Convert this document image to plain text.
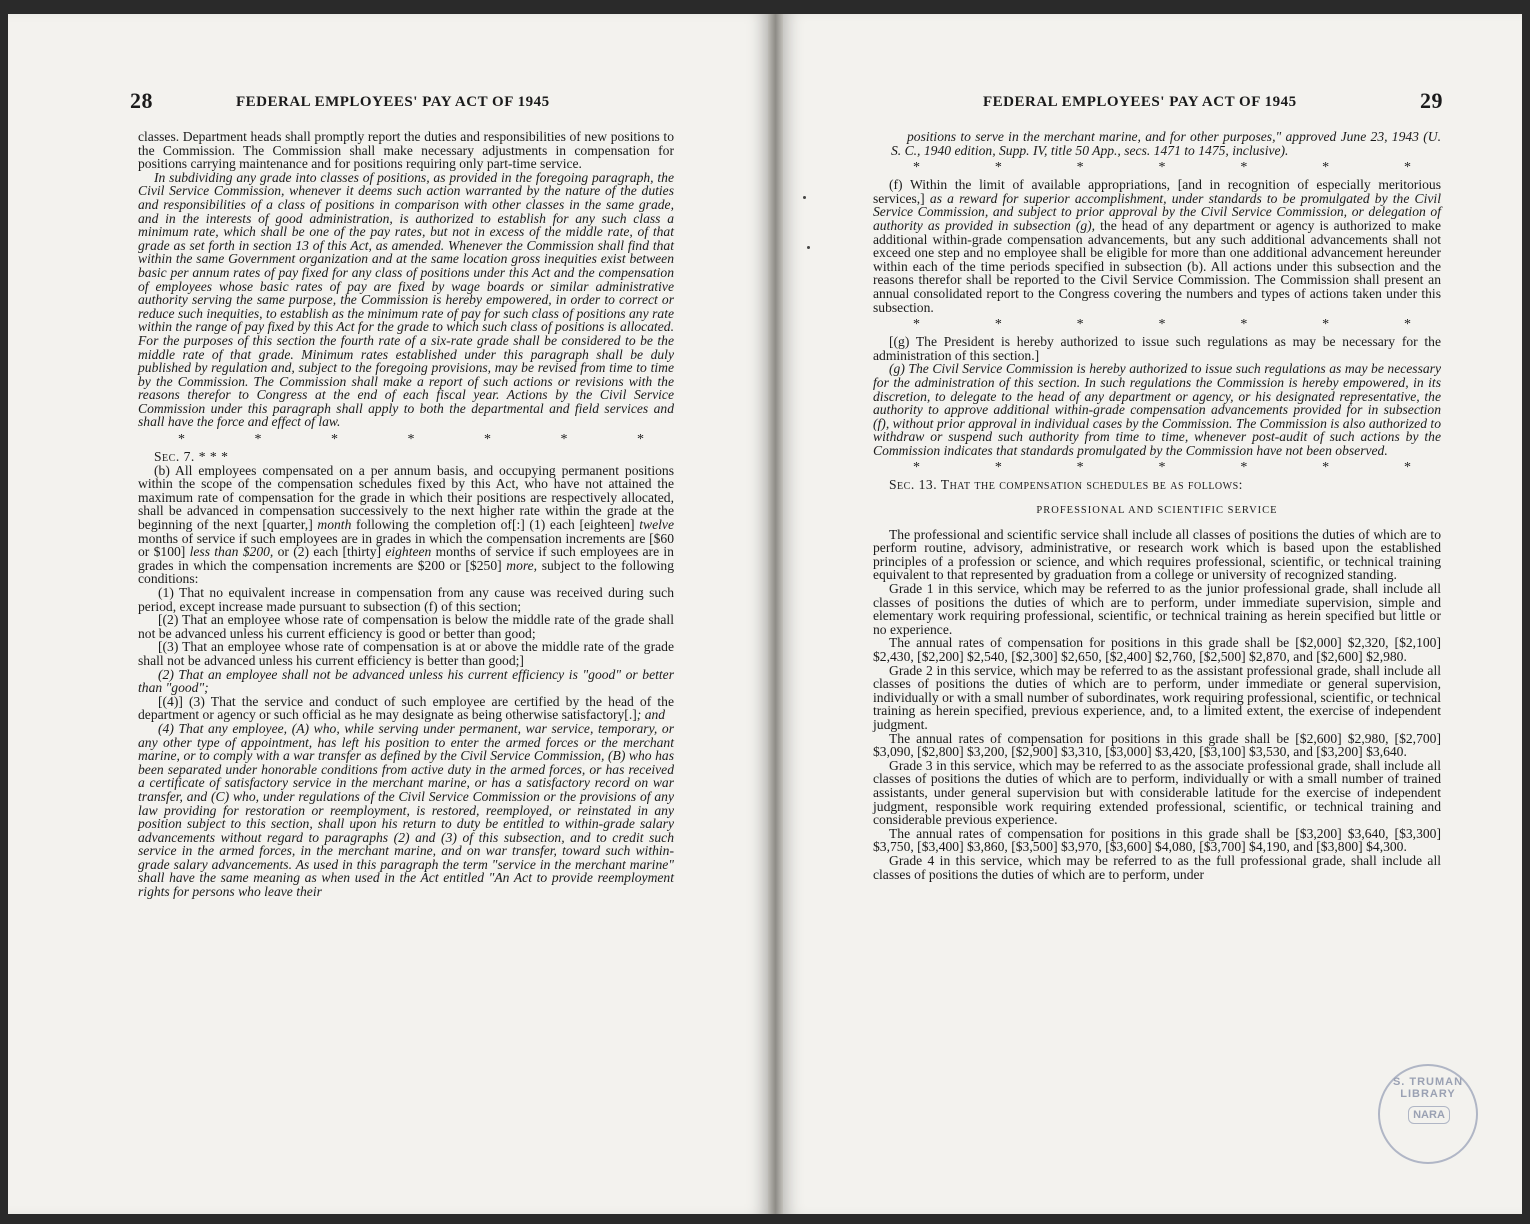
28	FEDERAL EMPLOYEES' PAY ACT OF 1945

classes. Department heads shall promptly report the duties and responsibilities of new positions to the Commission. The Commission shall make necessary adjustments in compensation for positions carrying maintenance and for positions requiring only part-time service.

In subdividing any grade into classes of positions, as provided in the foregoing paragraph, the Civil Service Commission, whenever it deems such action warranted by the nature of the duties and responsibilities of a class of positions in comparison with other classes in the same grade, and in the interests of good administration, is authorized to establish for any such class a minimum rate, which shall be one of the pay rates, but not in excess of the middle rate, of that grade as set forth in section 13 of this Act, as amended. Whenever the Commission shall find that within the same Government organization and at the same location gross inequities exist between basic per annum rates of pay fixed for any class of positions under this Act and the compensation of employees whose basic rates of pay are fixed by wage boards or similar administrative authority serving the same purpose, the Commission is hereby empowered, in order to correct or reduce such inequities, to establish as the minimum rate of pay for such class of positions any rate within the range of pay fixed by this Act for the grade to which such class of positions is allocated. For the purposes of this section the fourth rate of a six-rate grade shall be considered to be the middle rate of that grade. Minimum rates established under this paragraph shall be duly published by regulation and, subject to the foregoing provisions, may be revised from time to time by the Commission. The Commission shall make a report of such actions or revisions with the reasons therefor to Congress at the end of each fiscal year. Actions by the Civil Service Commission under this paragraph shall apply to both the departmental and field services and shall have the force and effect of law.

*	*	*	*	*	*	*

Sec. 7. * * *

(b) All employees compensated on a per annum basis, and occupying permanent positions within the scope of the compensation schedules fixed by this Act, who have not attained the maximum rate of compensation for the grade in which their positions are respectively allocated, shall be advanced in compensation successively to the next higher rate within the grade at the beginning of the next [quarter,] month following the completion of[:] (1) each [eighteen] twelve months of service if such employees are in grades in which the compensation increments are [$60 or $100] less than $200, or (2) each [thirty] eighteen months of service if such employees are in grades in which the compensation increments are $200 or [$250] more, subject to the following conditions:

(1) That no equivalent increase in compensation from any cause was received during such period, except increase made pursuant to subsection (f) of this section;

[(2) That an employee whose rate of compensation is below the middle rate of the grade shall not be advanced unless his current efficiency is good or better than good;

[(3) That an employee whose rate of compensation is at or above the middle rate of the grade shall not be advanced unless his current efficiency is better than good;]

(2) That an employee shall not be advanced unless his current efficiency is "good" or better than "good";

[(4)] (3) That the service and conduct of such employee are certified by the head of the department or agency or such official as he may designate as being otherwise satisfactory[.]; and

(4) That any employee, (A) who, while serving under permanent, war service, temporary, or any other type of appointment, has left his position to enter the armed forces or the merchant marine, or to comply with a war transfer as defined by the Civil Service Commission, (B) who has been separated under honorable conditions from active duty in the armed forces, or has received a certificate of satisfactory service in the merchant marine, or has a satisfactory record on war transfer, and (C) who, under regulations of the Civil Service Commission or the provisions of any law providing for restoration or reemployment, is restored, reemployed, or reinstated in any position subject to this section, shall upon his return to duty be entitled to within-grade salary advancements without regard to paragraphs (2) and (3) of this subsection, and to credit such service in the armed forces, in the merchant marine, and on war transfer, toward such within-grade salary advancements. As used in this paragraph the term "service in the merchant marine" shall have the same meaning as when used in the Act entitled "An Act to provide reemployment rights for persons who leave their

FEDERAL EMPLOYEES' PAY ACT OF 1945	29

positions to serve in the merchant marine, and for other purposes," approved June 23, 1943 (U. S. C., 1940 edition, Supp. IV, title 50 App., secs. 1471 to 1475, inclusive).

*	*	*	*	*	*	*

(f) Within the limit of available appropriations, [and in recognition of especially meritorious services,] as a reward for superior accomplishment, under standards to be promulgated by the Civil Service Commission, and subject to prior approval by the Civil Service Commission, or delegation of authority as provided in subsection (g), the head of any department or agency is authorized to make additional within-grade compensation advancements, but any such additional advancements shall not exceed one step and no employee shall be eligible for more than one additional advancement hereunder within each of the time periods specified in subsection (b). All actions under this subsection and the reasons therefor shall be reported to the Civil Service Commission. The Commission shall present an annual consolidated report to the Congress covering the numbers and types of actions taken under this subsection.

*	*	*	*	*	*	*

[(g) The President is hereby authorized to issue such regulations as may be necessary for the administration of this section.]

(g) The Civil Service Commission is hereby authorized to issue such regulations as may be necessary for the administration of this section. In such regulations the Commission is hereby empowered, in its discretion, to delegate to the head of any department or agency, or his designated representative, the authority to approve additional within-grade compensation advancements provided for in subsection (f), without prior approval in individual cases by the Commission. The Commission is also authorized to withdraw or suspend such authority from time to time, whenever post-audit of such actions by the Commission indicates that standards promulgated by the Commission have not been observed.

*	*	*	*	*	*	*

Sec. 13. That the compensation schedules be as follows:

PROFESSIONAL AND SCIENTIFIC SERVICE

The professional and scientific service shall include all classes of positions the duties of which are to perform routine, advisory, administrative, or research work which is based upon the established principles of a profession or science, and which requires professional, scientific, or technical training equivalent to that represented by graduation from a college or university of recognized standing.

Grade 1 in this service, which may be referred to as the junior professional grade, shall include all classes of positions the duties of which are to perform, under immediate supervision, simple and elementary work requiring professional, scientific, or technical training as herein specified but little or no experience.

The annual rates of compensation for positions in this grade shall be [$2,000] $2,320, [$2,100] $2,430, [$2,200] $2,540, [$2,300] $2,650, [$2,400] $2,760, [$2,500] $2,870, and [$2,600] $2,980.

Grade 2 in this service, which may be referred to as the assistant professional grade, shall include all classes of positions the duties of which are to perform, under immediate or general supervision, individually or with a small number of subordinates, work requiring professional, scientific, or technical training as herein specified, previous experience, and, to a limited extent, the exercise of independent judgment.

The annual rates of compensation for positions in this grade shall be [$2,600] $2,980, [$2,700] $3,090, [$2,800] $3,200, [$2,900] $3,310, [$3,000] $3,420, [$3,100] $3,530, and [$3,200] $3,640.

Grade 3 in this service, which may be referred to as the associate professional grade, shall include all classes of positions the duties of which are to perform, individually or with a small number of trained assistants, under general supervision but with considerable latitude for the exercise of independent judgment, responsible work requiring extended professional, scientific, or technical training and considerable previous experience.

The annual rates of compensation for positions in this grade shall be [$3,200] $3,640, [$3,300] $3,750, [$3,400] $3,860, [$3,500] $3,970, [$3,600] $4,080, [$3,700] $4,190, and [$3,800] $4,300.

Grade 4 in this service, which may be referred to as the full professional grade, shall include all classes of positions the duties of which are to perform, under

S. TRUMAN LIBRARY
NARA
